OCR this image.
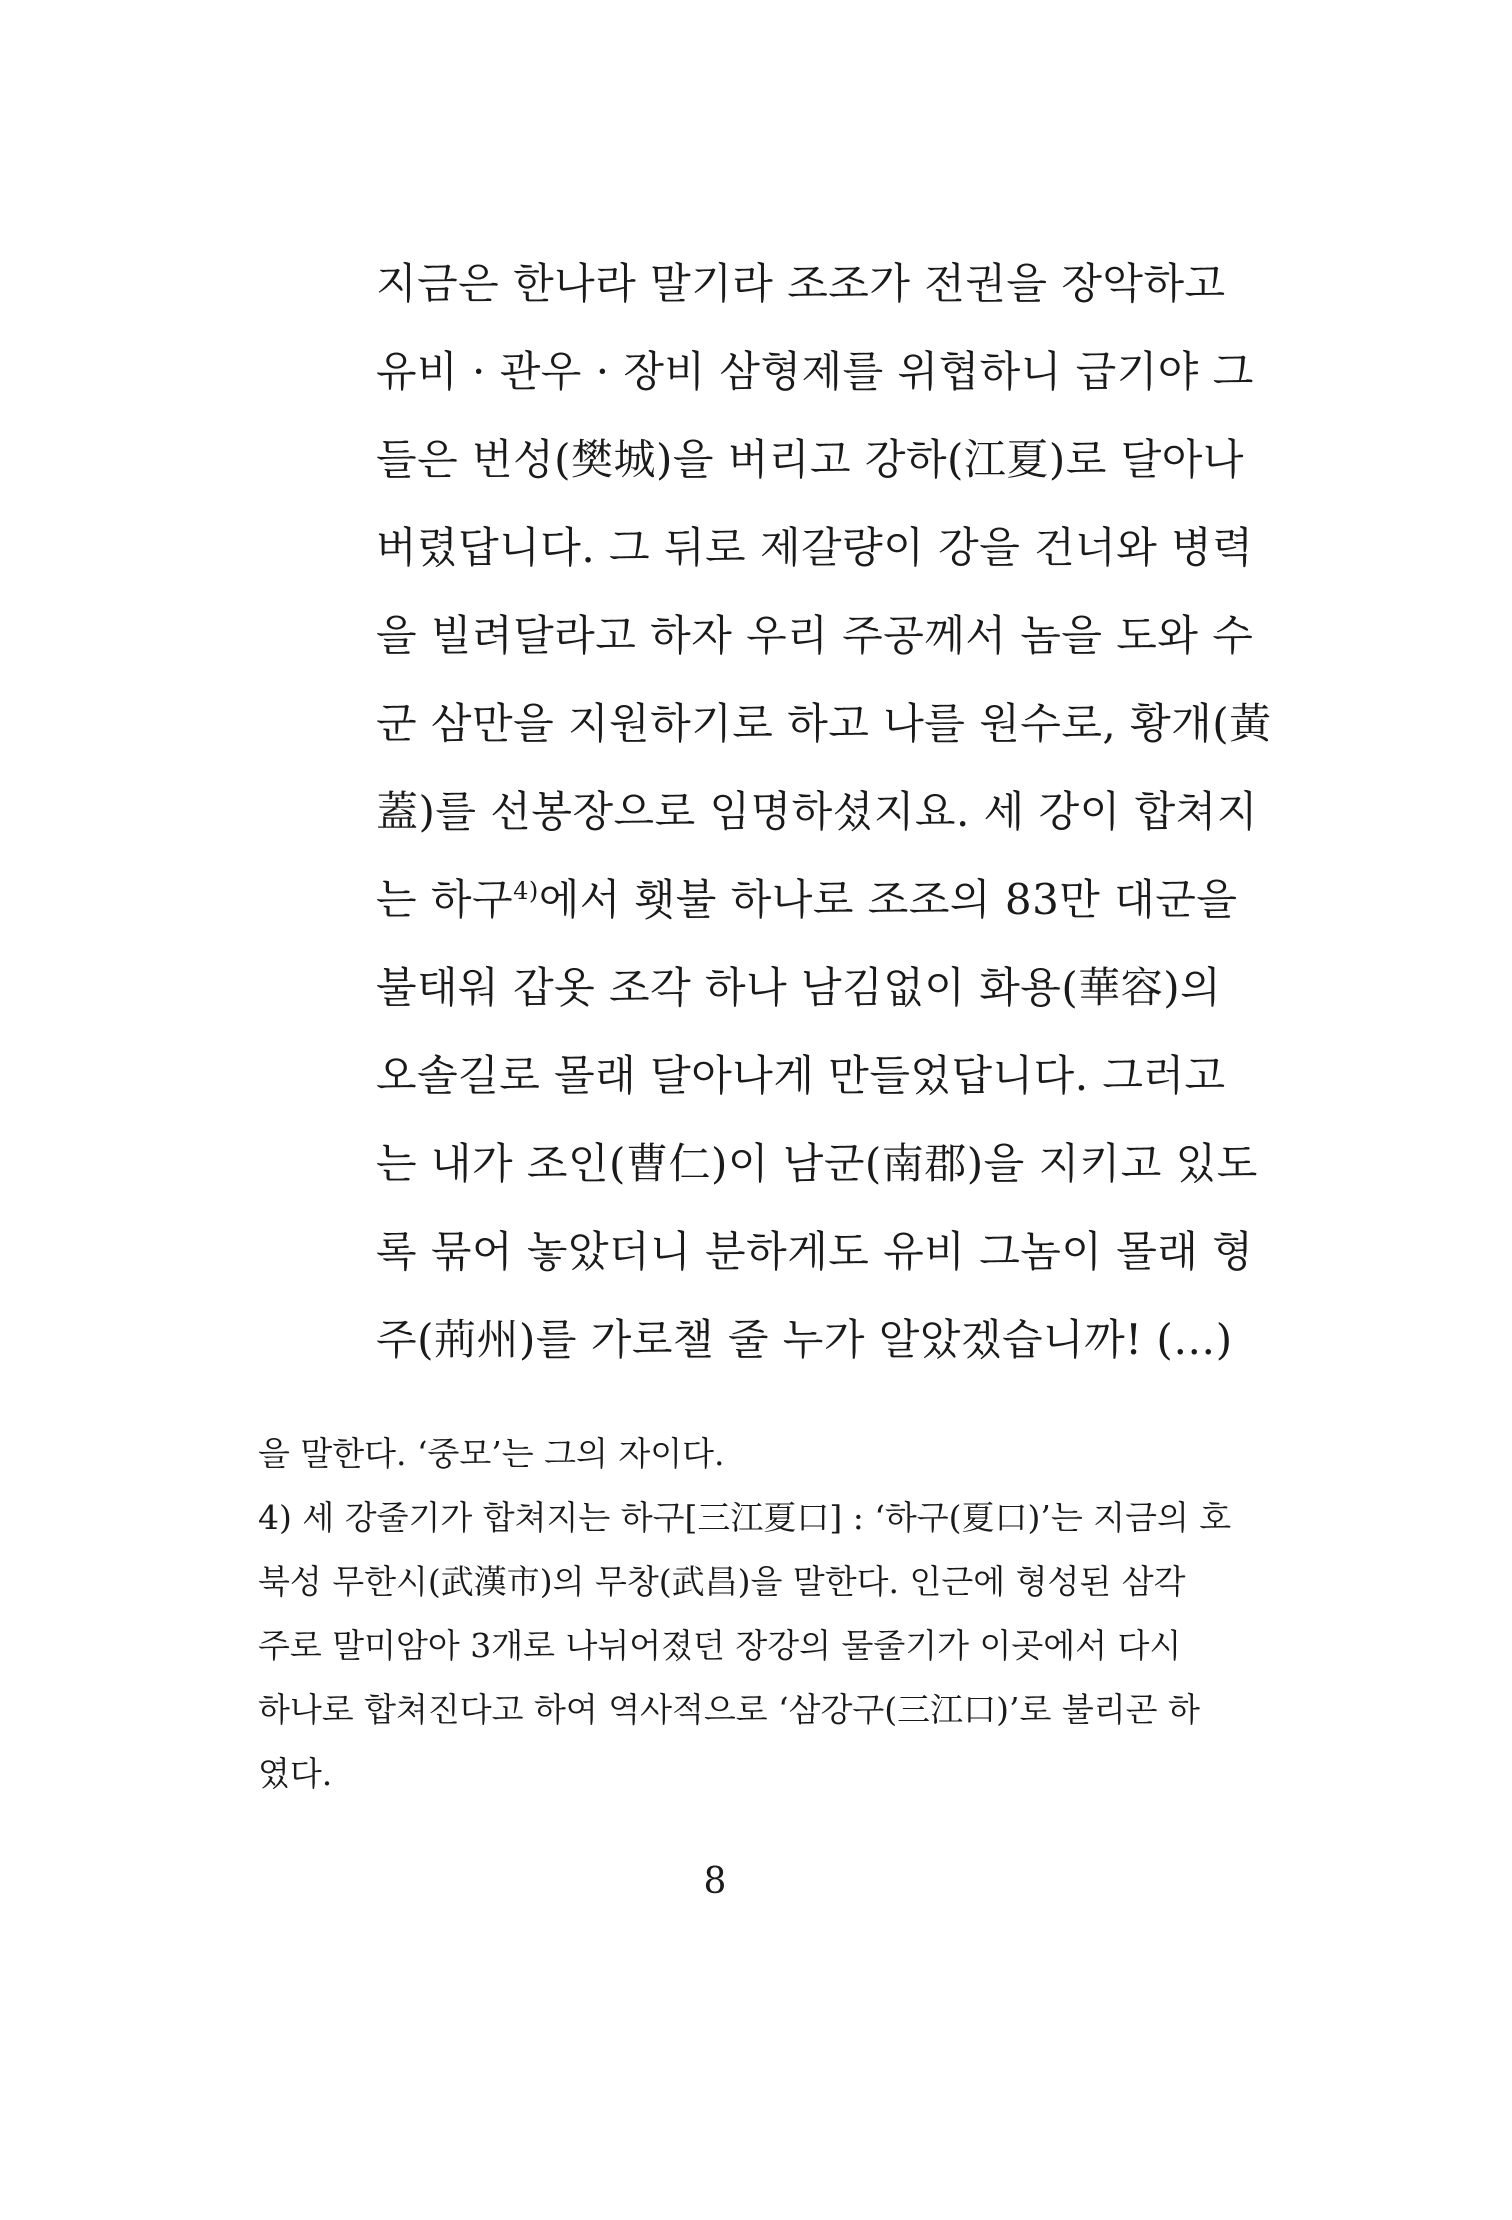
지금은 한나라 말기라 조조가 전권을 장악하고
유비 · 관우 · 장비 삼형제를 위협하니 급기야 그
들은 번성(樊城)을 버리고 강하(江夏)로 달아나
버렸답니다. 그 뒤로 제갈량이 강을 건너와 병력
을 빌려달라고 하자 우리 주공께서 놈을 도와 수
군 삼만을 지원하기로 하고 나를 원수로, 황개(黃
蓋)를 선봉장으로 임명하셨지요. 세 강이 합쳐지
는 하구$^{4)}$에서 횃불 하나로 조조의 83만 대군을
불태워 갑옷 조각 하나 남김없이 화용(華容)의
오솔길로 몰래 달아나게 만들었답니다. 그러고
는 내가 조인(曹仁)이 남군(南郡)을 지키고 있도
록 묶어 놓았더니 분하게도 유비 그놈이 몰래 형
주(荊州)를 가로챌 줄 누가 알았겠습니까! (…)
을 말한다. ‘중모’는 그의 자이다.
4) 세 강줄기가 합쳐지는 하구[三江夏口] : ‘하구(夏口)’는 지금의 호
북성 무한시(武漢市)의 무창(武昌)을 말한다. 인근에 형성된 삼각
주로 말미암아 3개로 나뉘어졌던 장강의 물줄기가 이곳에서 다시
하나로 합쳐진다고 하여 역사적으로 ‘삼강구(三江口)’로 불리곤 하
였다.
8
